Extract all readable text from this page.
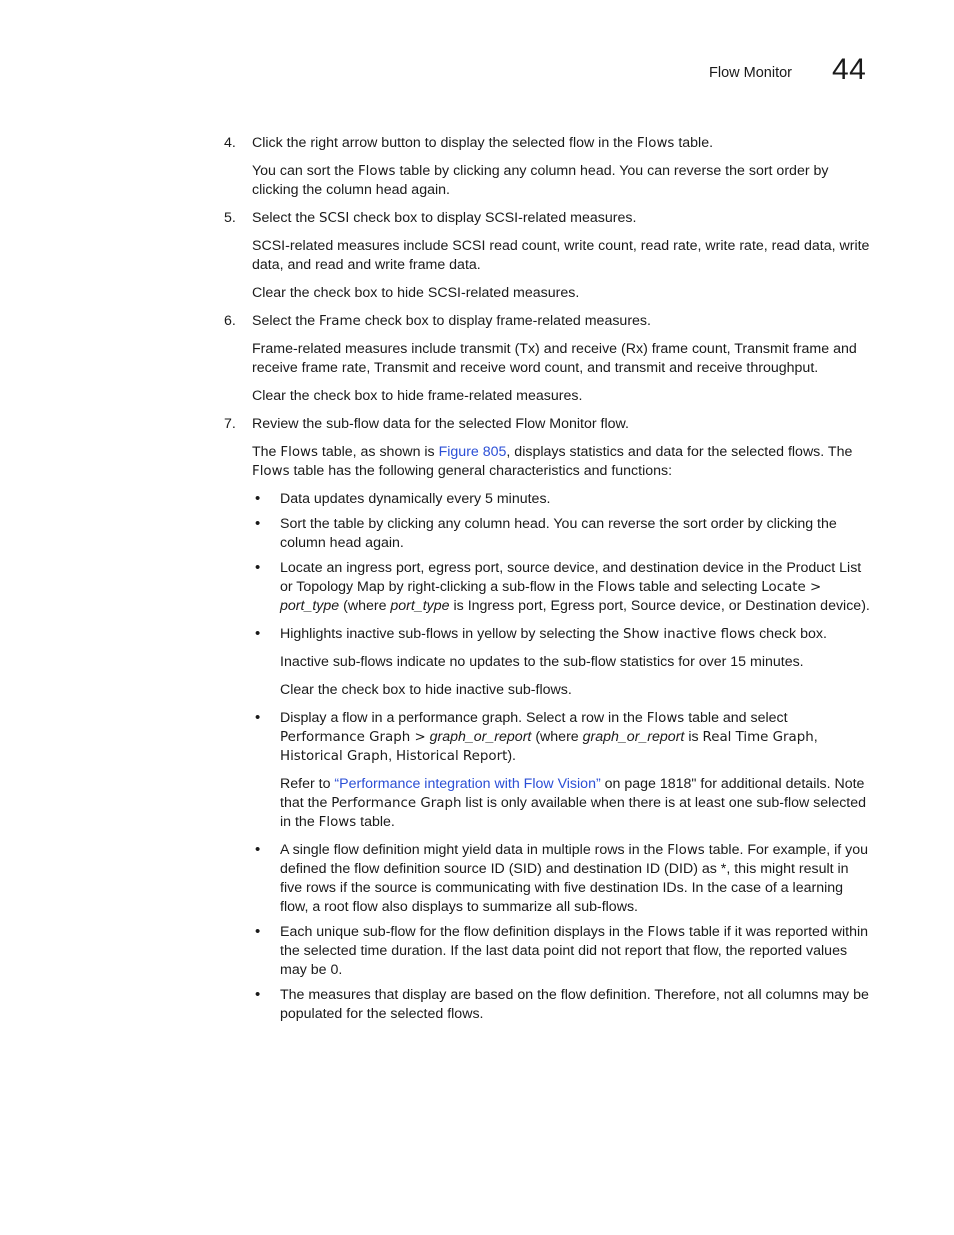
Flow Monitor 44
4. Click the right arrow button to display the selected flow in the Flows table.

You can sort the Flows table by clicking any column head. You can reverse the sort order by clicking the column head again.

5. Select the SCSI check box to display SCSI-related measures.

SCSI-related measures include SCSI read count, write count, read rate, write rate, read data, write data, and read and write frame data.

Clear the check box to hide SCSI-related measures.

6. Select the Frame check box to display frame-related measures.

Frame-related measures include transmit (Tx) and receive (Rx) frame count, Transmit frame and receive frame rate, Transmit and receive word count, and transmit and receive throughput.

Clear the check box to hide frame-related measures.

7. Review the sub-flow data for the selected Flow Monitor flow.

The Flows table, as shown is Figure 805, displays statistics and data for the selected flows. The Flows table has the following general characteristics and functions:

• Data updates dynamically every 5 minutes.
• Sort the table by clicking any column head. You can reverse the sort order by clicking the column head again.
• Locate an ingress port, egress port, source device, and destination device in the Product List or Topology Map by right-clicking a sub-flow in the Flows table and selecting Locate > port_type (where port_type is Ingress port, Egress port, Source device, or Destination device).
• Highlights inactive sub-flows in yellow by selecting the Show inactive flows check box.

Inactive sub-flows indicate no updates to the sub-flow statistics for over 15 minutes.

Clear the check box to hide inactive sub-flows.

• Display a flow in a performance graph. Select a row in the Flows table and select
Performance Graph > graph_or_report (where graph_or_report is Real Time Graph,
Historical Graph, Historical Report).

Refer to “Performance integration with Flow Vision” on page 1818" for additional details. Note that the Performance Graph list is only available when there is at least one sub-flow selected in the Flows table.

• A single flow definition might yield data in multiple rows in the Flows table. For example, if you defined the flow definition source ID (SID) and destination ID (DID) as *, this might result in five rows if the source is communicating with five destination IDs. In the case of a learning flow, a root flow also displays to summarize all sub-flows.
• Each unique sub-flow for the flow definition displays in the Flows table if it was reported within the selected time duration. If the last data point did not report that flow, the reported values may be 0.
• The measures that display are based on the flow definition. Therefore, not all columns may be populated for the selected flows.
